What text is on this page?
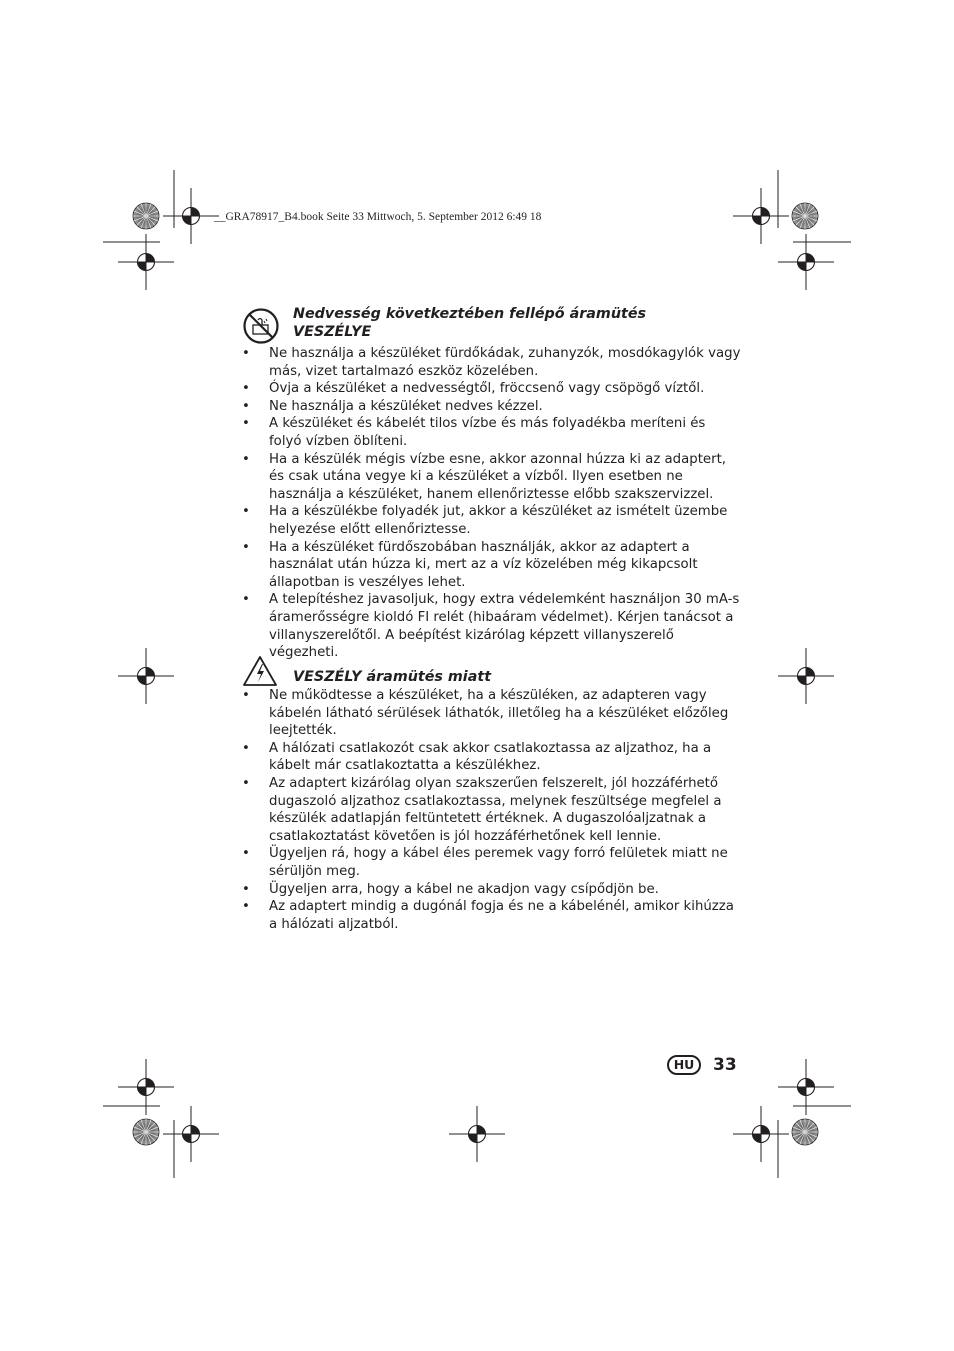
__GRA78917_B4.book Seite 33 Mittwoch, 5. September 2012 6:49 18
Nedvesség következtében fellépő áramütés VESZÉLYE
• Ne használja a készüléket fürdőkádak, zuhanyzók, mosdókagylók vagy más, vizet tartalmazó eszköz közelében.
• Óvja a készüléket a nedvességtől, fröccsenő vagy csöpögő víztől.
• Ne használja a készüléket nedves kézzel.
• A készüléket és kábelét tilos vízbe és más folyadékba meríteni és folyó vízben öblíteni.
• Ha a készülék mégis vízbe esne, akkor azonnal húzza ki az adaptert, és csak utána vegye ki a készüléket a vízből. Ilyen esetben ne használja a készüléket, hanem ellenőriztesse előbb szakszervizzel.
• Ha a készülékbe folyadék jut, akkor a készüléket az ismételt üzembe helyezése előtt ellenőriztesse.
• Ha a készüléket fürdőszobában használják, akkor az adaptert a használat után húzza ki, mert az a víz közelében még kikapcsolt állapotban is veszélyes lehet.
• A telepítéshez javasoljuk, hogy extra védelemként használjon 30 mA-s áramerősségre kioldó FI relét (hibaáram védelmet). Kérjen tanácsot a villanyszerelőtől. A beépítést kizárólag képzett villanyszerelő végezheti.
VESZÉLY áramütés miatt
• Ne működtesse a készüléket, ha a készüléken, az adapteren vagy kábelén látható sérülések láthatók, illetőleg ha a készüléket előzőleg leejtették.
• A hálózati csatlakozót csak akkor csatlakoztassa az aljzathoz, ha a kábelt már csatlakoztatta a készülékhez.
• Az adaptert kizárólag olyan szakszerűen felszerelt, jól hozzáférhető dugaszoló aljzathoz csatlakoztassa, melynek feszültsége megfelel a készülék adatlapján feltüntetett értéknek. A dugaszolóaljzatnak a csatlakoztatást követően is jól hozzáférhetőnek kell lennie.
• Ügyeljen rá, hogy a kábel éles peremek vagy forró felületek miatt ne sérüljön meg.
• Ügyeljen arra, hogy a kábel ne akadjon vagy csípődjön be.
• Az adaptert mindig a dugónál fogja és ne a kábelénél, amikor kihúzza a hálózati aljzatból.
HU	33
